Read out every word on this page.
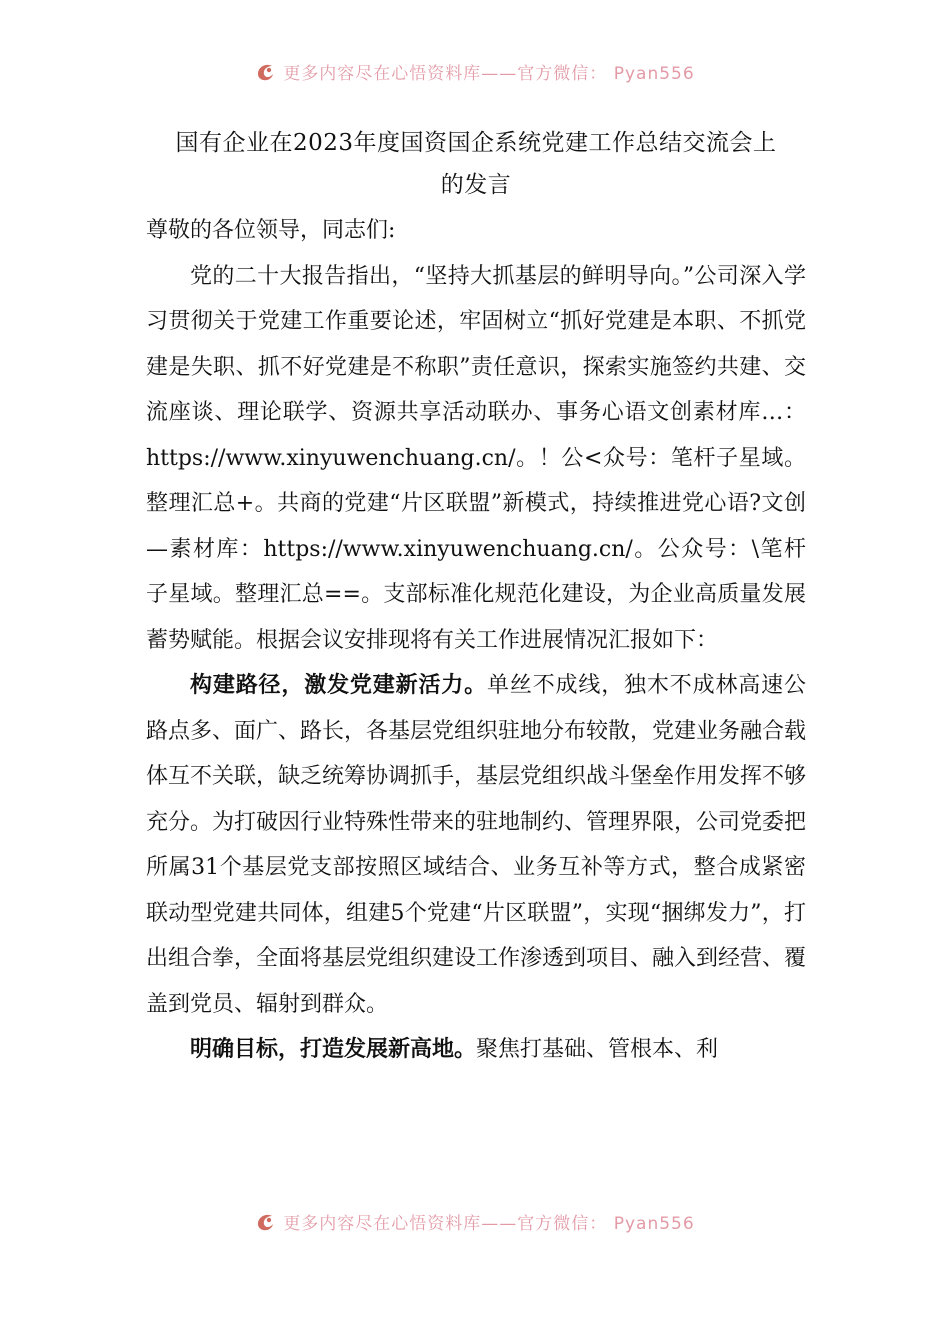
更多内容尽在心悟资料库——官方微信： Pyan556

国有企业在2023年度国资国企系统党建工作总结交流会上

的发言

尊敬的各位领导，同志们:

党的二十大报告指出，“坚持大抓基层的鲜明导向。”公司深入学习贯彻关于党建工作重要论述，牢固树立“抓好党建是本职、不抓党建是失职、抓不好党建是不称职”责任意识，探索实施签约共建、交流座谈、理论联学、资源共享活动联办、事务心语文创素材库…：https://www.xinyuwenchuang.cn/。！公<众号：笔杆子星域。整理汇总+。共商的党建“片区联盟”新模式，持续推进党心语?文创—素材库：https://www.xinyuwenchuang.cn/。公众号：\笔杆子星域。整理汇总==。支部标准化规范化建设，为企业高质量发展蓄势赋能。根据会议安排现将有关工作进展情况汇报如下：

构建路径，激发党建新活力。单丝不成线，独木不成林高速公路点多、面广、路长，各基层党组织驻地分布较散，党建业务融合载体互不关联，缺乏统筹协调抓手，基层党组织战斗堡垒作用发挥不够充分。为打破因行业特殊性带来的驻地制约、管理界限，公司党委把所属31个基层党支部按照区域结合、业务互补等方式，整合成紧密联动型党建共同体，组建5个党建“片区联盟”，实现“捆绑发力”，打出组合拳，全面将基层党组织建设工作渗透到项目、融入到经营、覆盖到党员、辐射到群众。

明确目标，打造发展新高地。聚焦打基础、管根本、利

更多内容尽在心悟资料库——官方微信： Pyan556
